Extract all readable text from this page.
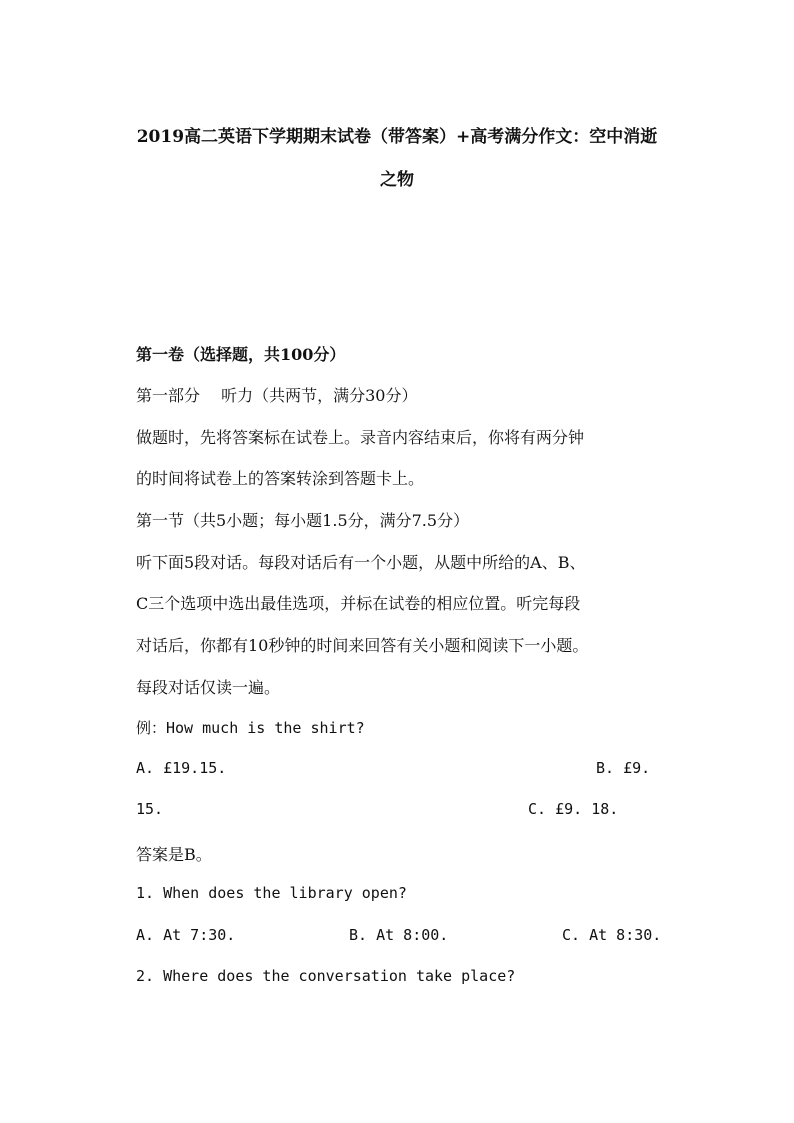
2019高二英语下学期期末试卷（带答案）+高考满分作文：空中消逝
之物
第一卷（选择题，共100分）
第一部分　 听力（共两节，满分30分）
做题时，先将答案标在试卷上。录音内容结束后，你将有两分钟
的时间将试卷上的答案转涂到答题卡上。
第一节（共5小题；每小题1.5分，满分7.5分）
听下面5段对话。每段对话后有一个小题，从题中所给的A、B、
C三个选项中选出最佳选项，并标在试卷的相应位置。听完每段
对话后，你都有10秒钟的时间来回答有关小题和阅读下一小题。
每段对话仅读一遍。
例：How much is the shirt?
A. £19.15.	B. £9.
15.	C. £9. 18.
答案是B。
1. When does the library open?
A. At 7:30.	B. At 8:00.	C. At 8:30.
2. Where does the conversation take place?
